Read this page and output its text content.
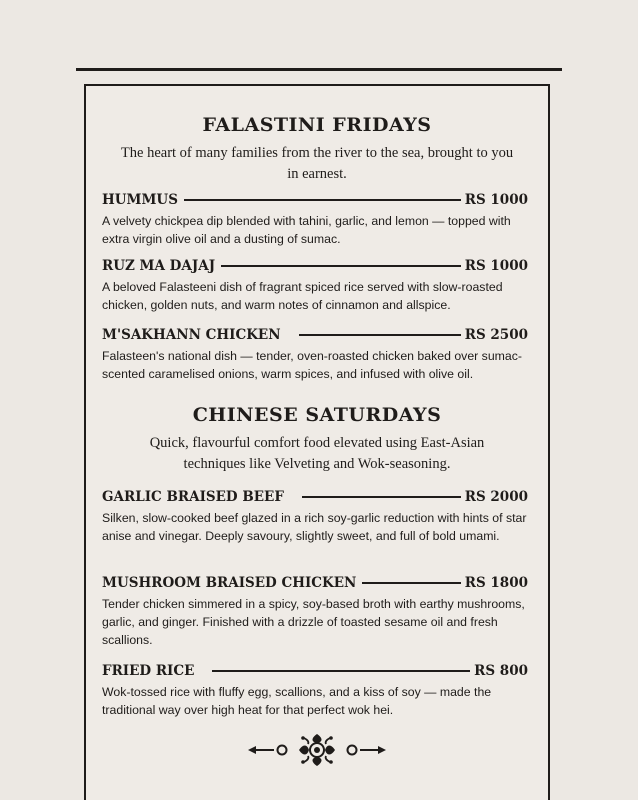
FALASTINI FRIDAYS

The heart of many families from the river to the sea, brought to you in earnest.

HUMMUS	RS 1000

A velvety chickpea dip blended with tahini, garlic, and lemon — topped with extra virgin olive oil and a dusting of sumac.

RUZ MA DAJAJ	RS 1000

A beloved Falasteeni dish of fragrant spiced rice served with slow-roasted chicken, golden nuts, and warm notes of cinnamon and allspice.

M'SAKHANN CHICKEN	RS 2500

Falasteen's national dish — tender, oven-roasted chicken baked over sumac-scented caramelised onions, warm spices, and infused with olive oil.

CHINESE SATURDAYS

Quick, flavourful comfort food elevated using East-Asian techniques like Velveting and Wok-seasoning.

GARLIC BRAISED BEEF	RS 2000

Silken, slow-cooked beef glazed in a rich soy-garlic reduction with hints of star anise and vinegar. Deeply savoury, slightly sweet, and full of bold umami.

MUSHROOM BRAISED CHICKEN	RS 1800

Tender chicken simmered in a spicy, soy-based broth with earthy mushrooms, garlic, and ginger. Finished with a drizzle of toasted sesame oil and fresh scallions.

FRIED RICE	RS 800

Wok-tossed rice with fluffy egg, scallions, and a kiss of soy — made the traditional way over high heat for that perfect wok hei.
